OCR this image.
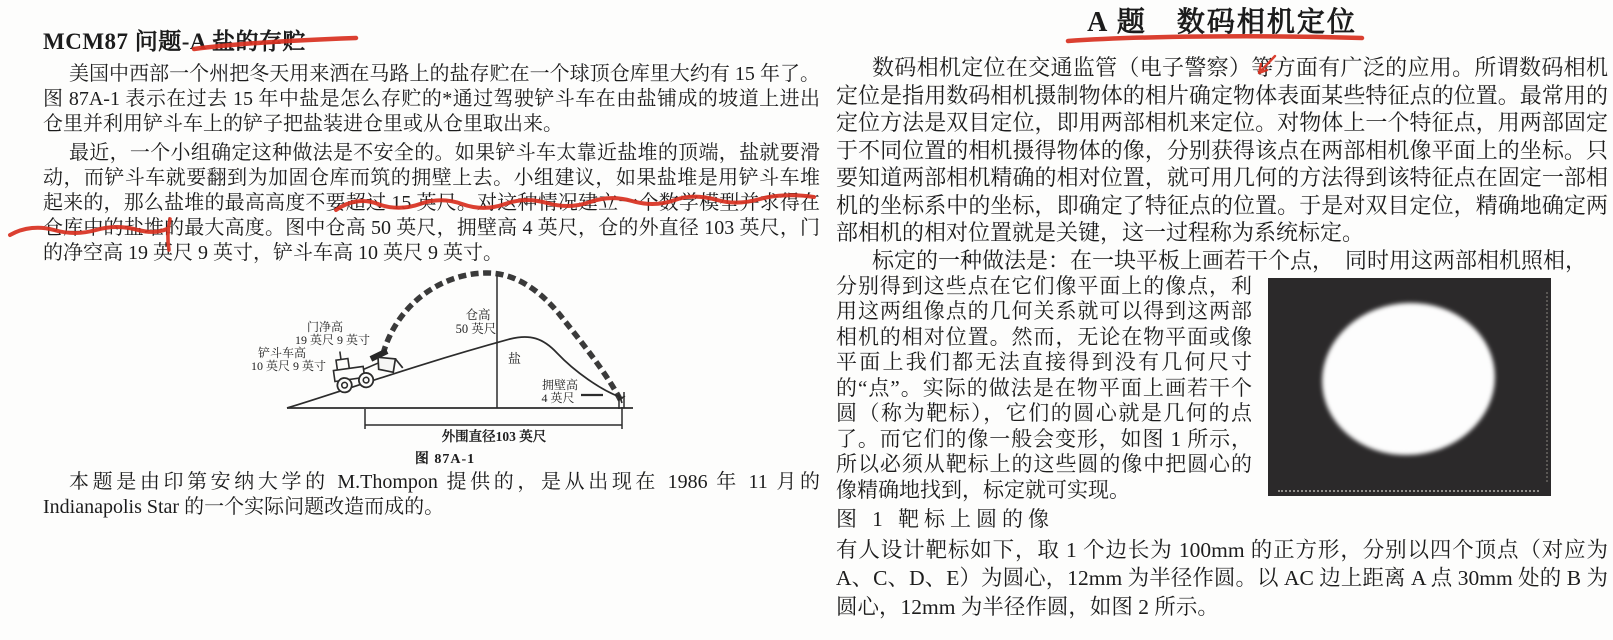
MCM87 问题-A 盐的存贮

美国中西部一个州把冬天用来洒在马路上的盐存贮在一个球顶仓库里大约有 15 年了。图 87A-1 表示在过去 15 年中盐是怎么存贮的*通过驾驶铲斗车在由盐铺成的坡道上进出仓里并利用铲斗车上的铲子把盐装进仓里或从仓里取出来。

最近，一个小组确定这种做法是不安全的。如果铲斗车太靠近盐堆的顶端，盐就要滑动，而铲斗车就要翻到为加固仓库而筑的拥壁上去。小组建议，如果盐堆是用铲斗车堆起来的，那么盐堆的最高高度不要超过 15 英尺。对这种情况建立一个数学模型并求得在仓库中的盐堆的最大高度。图中仓高 50 英尺，拥壁高 4 英尺，仓的外直径 103 英尺，门的净空高 19 英尺 9 英寸，铲斗车高 10 英尺 9 英寸。

门净高
19 英尺 9 英寸
铲斗车高
10 英尺 9 英寸
仓高
50 英尺
盐
拥壁高
4 英尺
外围直径103 英尺
图 87A-1

本题是由印第安纳大学的 M.Thompon 提供的，是从出现在 1986 年 11 月的 Indianapolis Star 的一个实际问题改造而成的。

A 题　数码相机定位

数码相机定位在交通监管（电子警察）等方面有广泛的应用。所谓数码相机定位是指用数码相机摄制物体的相片确定物体表面某些特征点的位置。最常用的定位方法是双目定位，即用两部相机来定位。对物体上一个特征点，用两部固定于不同位置的相机摄得物体的像，分别获得该点在两部相机像平面上的坐标。只要知道两部相机精确的相对位置，就可用几何的方法得到该特征点在固定一部相机的坐标系中的坐标，即确定了特征点的位置。于是对双目定位，精确地确定两部相机的相对位置就是关键，这一过程称为系统标定。

标定的一种做法是：在一块平板上画若干个点，　同时用这两部相机照相，

分别得到这些点在它们像平面上的像点，利用这两组像点的几何关系就可以得到这两部相机的相对位置。然而，无论在物平面或像平面上我们都无法直接得到没有几何尺寸的“点”。实际的做法是在物平面上画若干个圆（称为靶标），它们的圆心就是几何的点了。而它们的像一般会变形，如图 1 所示，所以必须从靶标上的这些圆的像中把圆心的像精确地找到，标定就可实现。

图 1 靶标上圆的像

有人设计靶标如下，取 1 个边长为 100mm 的正方形，分别以四个顶点（对应为 A、C、D、E）为圆心，12mm 为半径作圆。以 AC 边上距离 A 点 30mm 处的 B 为圆心，12mm 为半径作圆，如图 2 所示。
